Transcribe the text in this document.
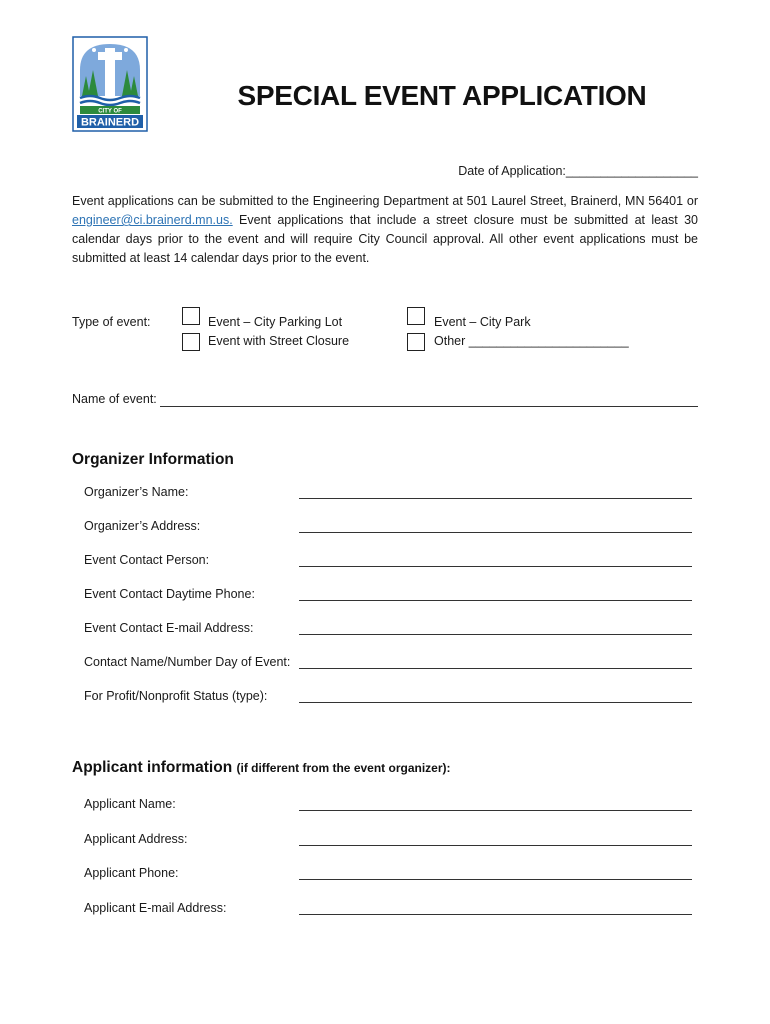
CITY OF
BRAINERD
SPECIAL EVENT APPLICATION
Date of Application:___________________

Event applications can be submitted to the Engineering Department at 501 Laurel Street, Brainerd, MN 56401 or engineer@ci.brainerd.mn.us. Event applications that include a street closure must be submitted at least 30 calendar days prior to the event and will require City Council approval. All other event applications must be submitted at least 14 calendar days prior to the event.

Type of event:	Event – City Parking Lot
Event with Street Closure
Event – City Park
Other _______________________
Name of event:
Organizer Information
Organizer’s Name:
Organizer’s Address:
Event Contact Person:
Event Contact Daytime Phone:
Event Contact E-mail Address:
Contact Name/Number Day of Event:
For Profit/Nonprofit Status (type):
Applicant information (if different from the event organizer):
Applicant Name:
Applicant Address:
Applicant Phone:
Applicant E-mail Address:
